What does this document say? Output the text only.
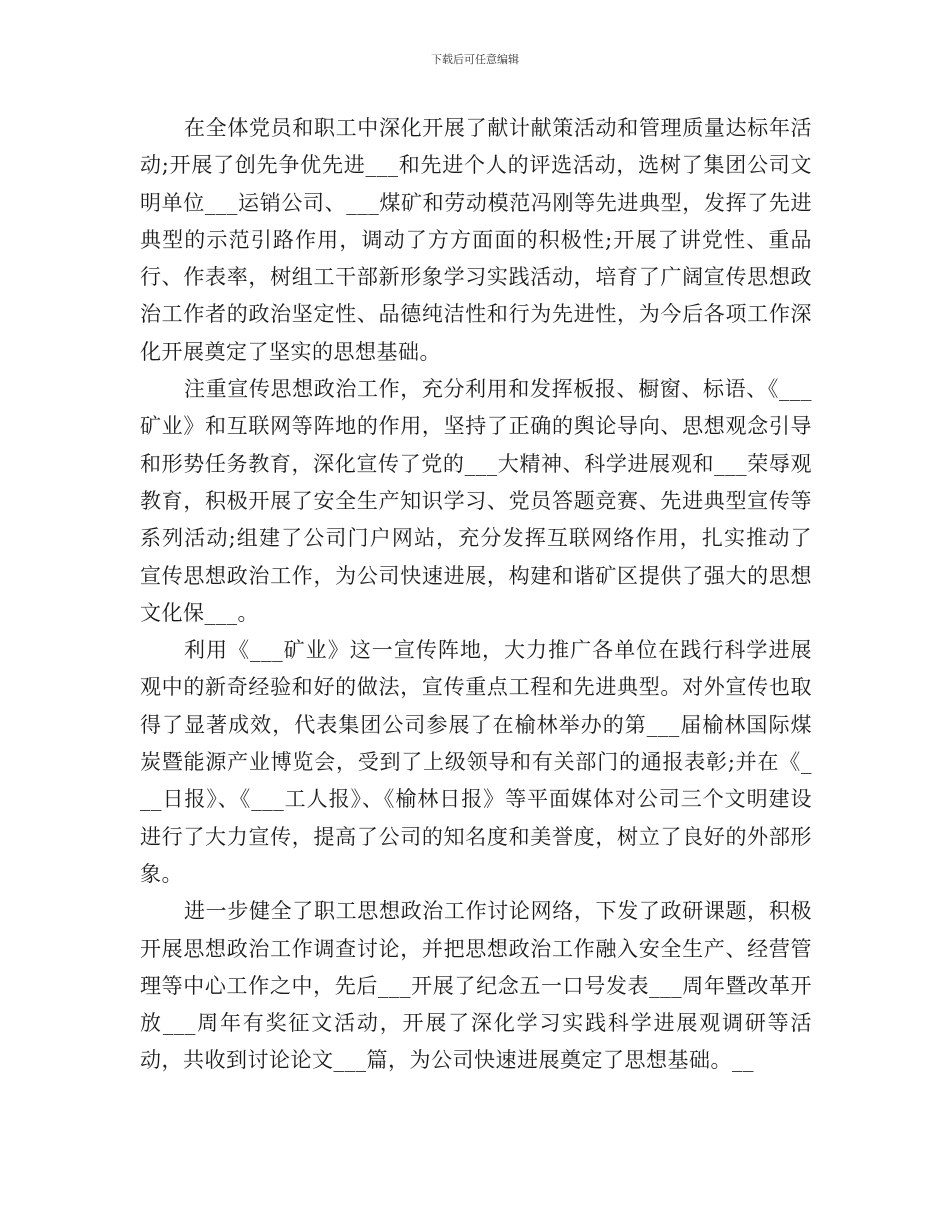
下载后可任意编辑

在全体党员和职工中深化开展了献计献策活动和管理质量达标年活动;开展了创先争优先进___和先进个人的评选活动，选树了集团公司文明单位___运销公司、___煤矿和劳动模范冯刚等先进典型，发挥了先进典型的示范引路作用，调动了方方面面的积极性;开展了讲党性、重品行、作表率，树组工干部新形象学习实践活动，培育了广阔宣传思想政治工作者的政治坚定性、品德纯洁性和行为先进性，为今后各项工作深化开展奠定了坚实的思想基础。

注重宣传思想政治工作，充分利用和发挥板报、橱窗、标语、《___矿业》和互联网等阵地的作用，坚持了正确的舆论导向、思想观念引导和形势任务教育，深化宣传了党的___大精神、科学进展观和___荣辱观教育，积极开展了安全生产知识学习、党员答题竞赛、先进典型宣传等系列活动;组建了公司门户网站，充分发挥互联网络作用，扎实推动了宣传思想政治工作，为公司快速进展，构建和谐矿区提供了强大的思想文化保___。

利用《___矿业》这一宣传阵地，大力推广各单位在践行科学进展观中的新奇经验和好的做法，宣传重点工程和先进典型。对外宣传也取得了显著成效，代表集团公司参展了在榆林举办的第___届榆林国际煤炭暨能源产业博览会，受到了上级领导和有关部门的通报表彰;并在《___日报》、《___工人报》、《榆林日报》等平面媒体对公司三个文明建设进行了大力宣传，提高了公司的知名度和美誉度，树立了良好的外部形象。

进一步健全了职工思想政治工作讨论网络，下发了政研课题，积极开展思想政治工作调查讨论，并把思想政治工作融入安全生产、经营管理等中心工作之中，先后___开展了纪念五一口号发表___周年暨改革开放___周年有奖征文活动，开展了深化学习实践科学进展观调研等活动，共收到讨论论文___篇，为公司快速进展奠定了思想基础。__
